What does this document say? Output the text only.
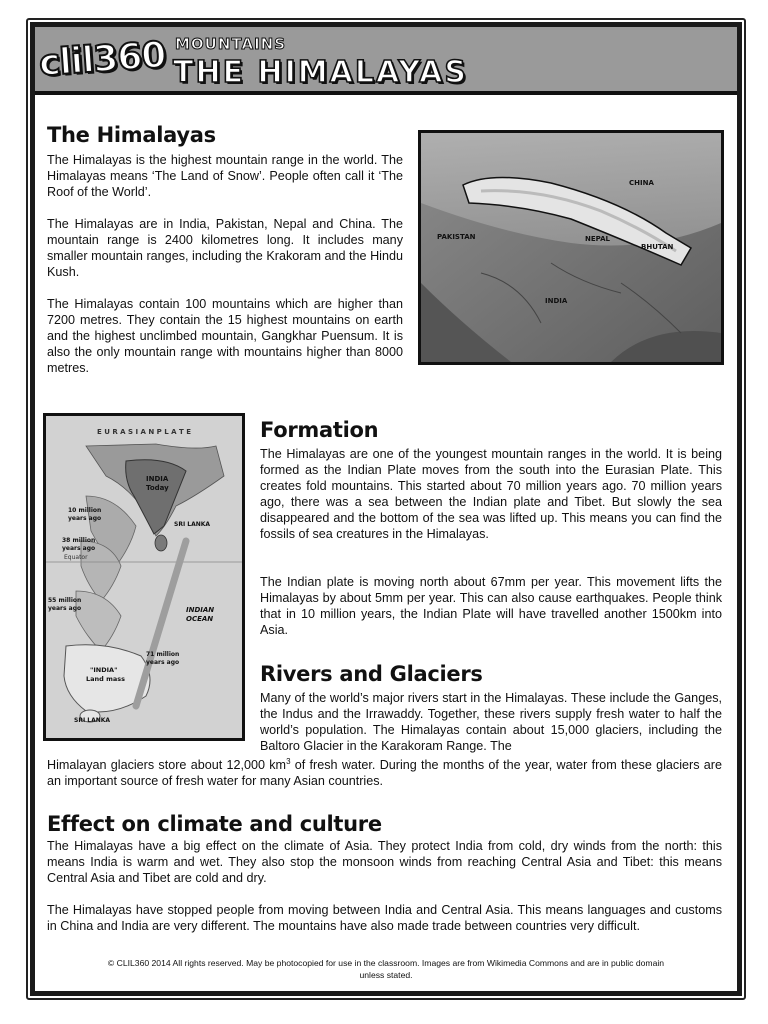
clil360 MOUNTAINS
THE HIMALAYAS
The Himalayas

The Himalayas is the highest mountain range in the world. The Himalayas means ‘The Land of Snow’. People often call it ‘The Roof of the World’.

The Himalayas are in India, Pakistan, Nepal and China. The mountain range is 2400 kilometres long. It includes many smaller mountain ranges, including the Krakoram and the Hindu Kush.

The Himalayas contain 100 mountains which are higher than 7200 metres. They contain the 15 highest mountains on earth and the highest unclimbed mountain, Gangkhar Puensum. It is also the only mountain range with mountains higher than 8000 metres.

CHINA
PAKISTAN	NEPAL
BHUTAN
INDIA
E U R A S I A N P L A T E
INDIA
Today
SRI LANKA
10 million
years ago
38 million
years ago
Equator
55 million
years ago	INDIAN
OCEAN
71 million
years ago
"INDIA"
Land mass
SRI LANKA
Formation

The Himalayas are one of the youngest mountain ranges in the world. It is being formed as the Indian Plate moves from the south into the Eurasian Plate. This creates fold mountains. This started about 70 million years ago. 70 million years ago, there was a sea between the Indian plate and Tibet. But slowly the sea disappeared and the bottom of the sea was lifted up. This means you can find the fossils of sea creatures in the Himalayas.

The Indian plate is moving north about 67mm per year. This movement lifts the Himalayas by about 5mm per year. This can also cause earthquakes. People think that in 10 million years, the Indian Plate will have travelled another 1500km into Asia.

Rivers and Glaciers

Many of the world’s major rivers start in the Himalayas. These include the Ganges, the Indus and the Irrawaddy. Together, these rivers supply fresh water to half the world’s population. The Himalayas contain about 15,000 glaciers, including the Baltoro Glacier in the Karakoram Range. The

Himalayan glaciers store about 12,000 $km^3$ of fresh water. During the months of the year, water from these glaciers are an important source of fresh water for many Asian countries.

Effect on climate and culture

The Himalayas have a big effect on the climate of Asia. They protect India from cold, dry winds from the north: this means India is warm and wet. They also stop the monsoon winds from reaching Central Asia and Tibet: this means Central Asia and Tibet are cold and dry.

The Himalayas have stopped people from moving between India and Central Asia. This means languages and customs in China and India are very different. The mountains have also made trade between countries very difficult.

© CLIL360 2014 All rights reserved. May be photocopied for use in the classroom. Images are from Wikimedia Commons and are in public domain
unless stated.
